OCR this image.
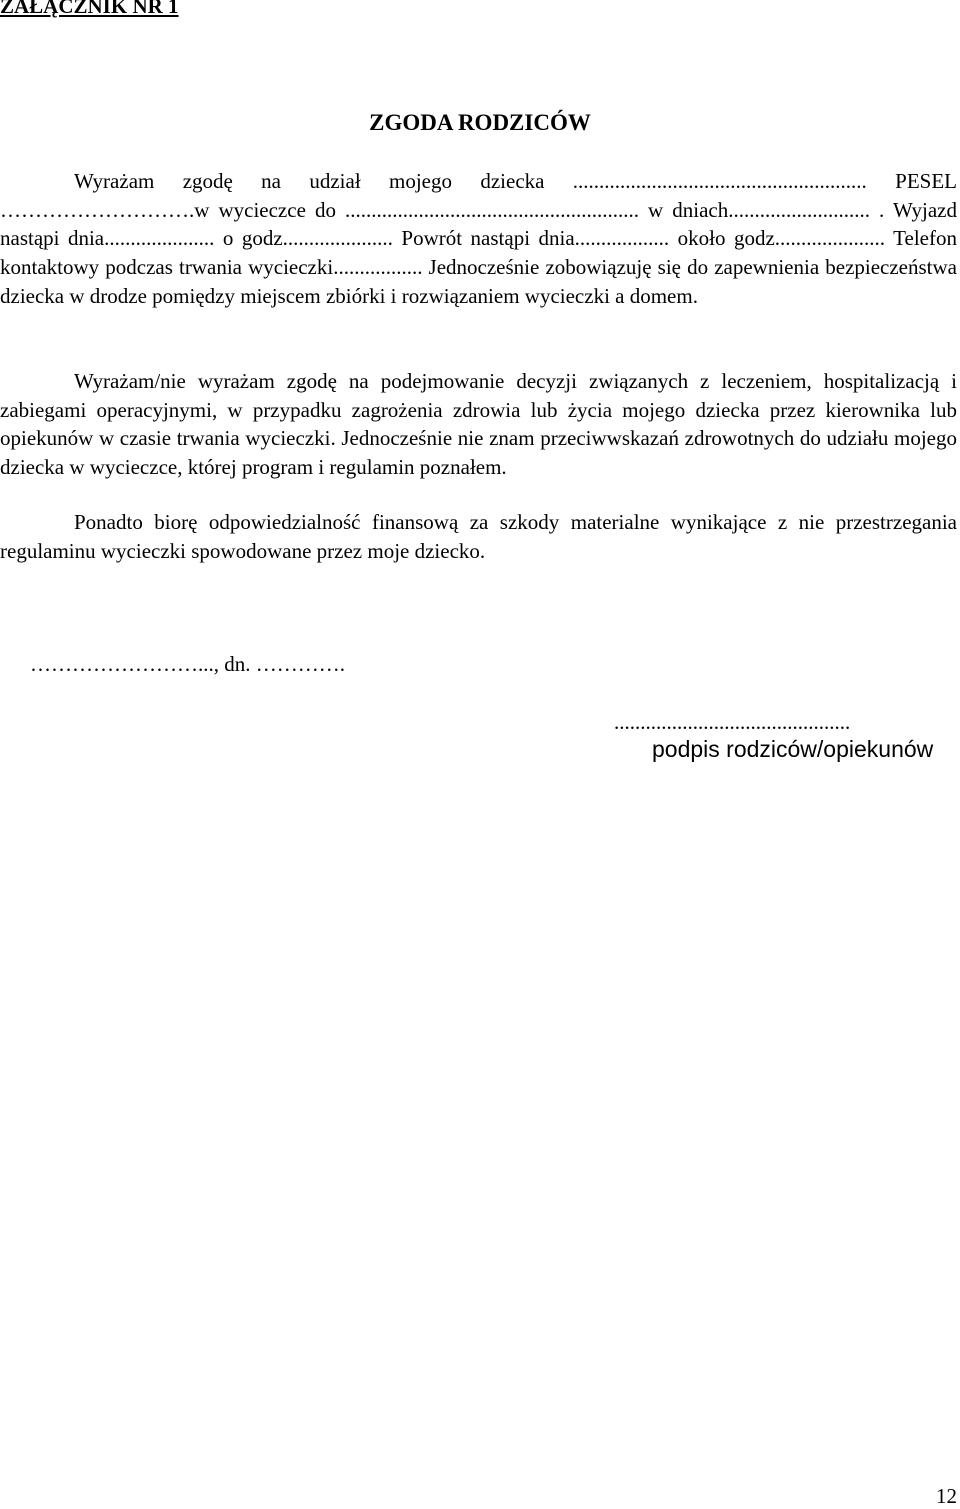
ZAŁĄCZNIK NR 1
ZGODA RODZICÓW
Wyrażam zgodę na udział mojego dziecka ........................................................ PESEL ……………………….w wycieczce do ........................................................ w dniach........................... . Wyjazd nastąpi dnia..................... o godz..................... Powrót nastąpi dnia.................. około godz..................... Telefon kontaktowy podczas trwania wycieczki................. Jednocześnie zobowiązuję się do zapewnienia bezpieczeństwa dziecka w drodze pomiędzy miejscem zbiórki i rozwiązaniem wycieczki a domem.
Wyrażam/nie wyrażam zgodę na podejmowanie decyzji związanych z leczeniem, hospitalizacją i zabiegami operacyjnymi, w przypadku zagrożenia zdrowia lub życia mojego dziecka przez kierownika lub opiekunów w czasie trwania wycieczki. Jednocześnie nie znam przeciwwskazań zdrowotnych do udziału mojego dziecka w wycieczce, której program i regulamin poznałem.
Ponadto biorę odpowiedzialność finansową za szkody materialne wynikające z nie przestrzegania regulaminu wycieczki spowodowane przez moje dziecko.
……………………..., dn. ………….
.............................................
podpis rodziców/opiekunów
12
